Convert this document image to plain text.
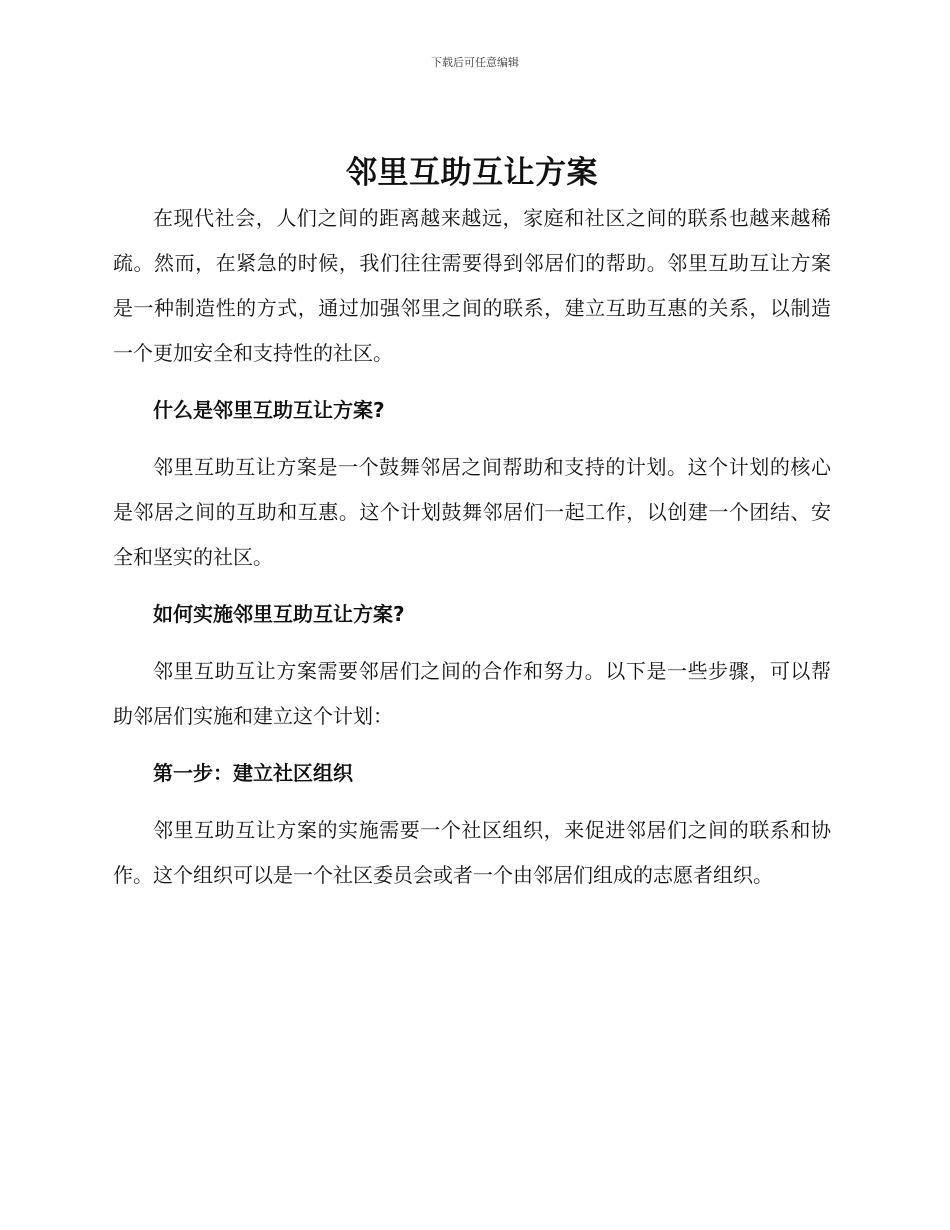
下载后可任意编辑
邻里互助互让方案

在现代社会，人们之间的距离越来越远，家庭和社区之间的联系也越来越稀疏。然而，在紧急的时候，我们往往需要得到邻居们的帮助。邻里互助互让方案是一种制造性的方式，通过加强邻里之间的联系，建立互助互惠的关系，以制造一个更加安全和支持性的社区。

什么是邻里互助互让方案?

邻里互助互让方案是一个鼓舞邻居之间帮助和支持的计划。这个计划的核心是邻居之间的互助和互惠。这个计划鼓舞邻居们一起工作，以创建一个团结、安全和坚实的社区。

如何实施邻里互助互让方案?

邻里互助互让方案需要邻居们之间的合作和努力。以下是一些步骤，可以帮助邻居们实施和建立这个计划：

第一步：建立社区组织

邻里互助互让方案的实施需要一个社区组织，来促进邻居们之间的联系和协作。这个组织可以是一个社区委员会或者一个由邻居们组成的志愿者组织。
